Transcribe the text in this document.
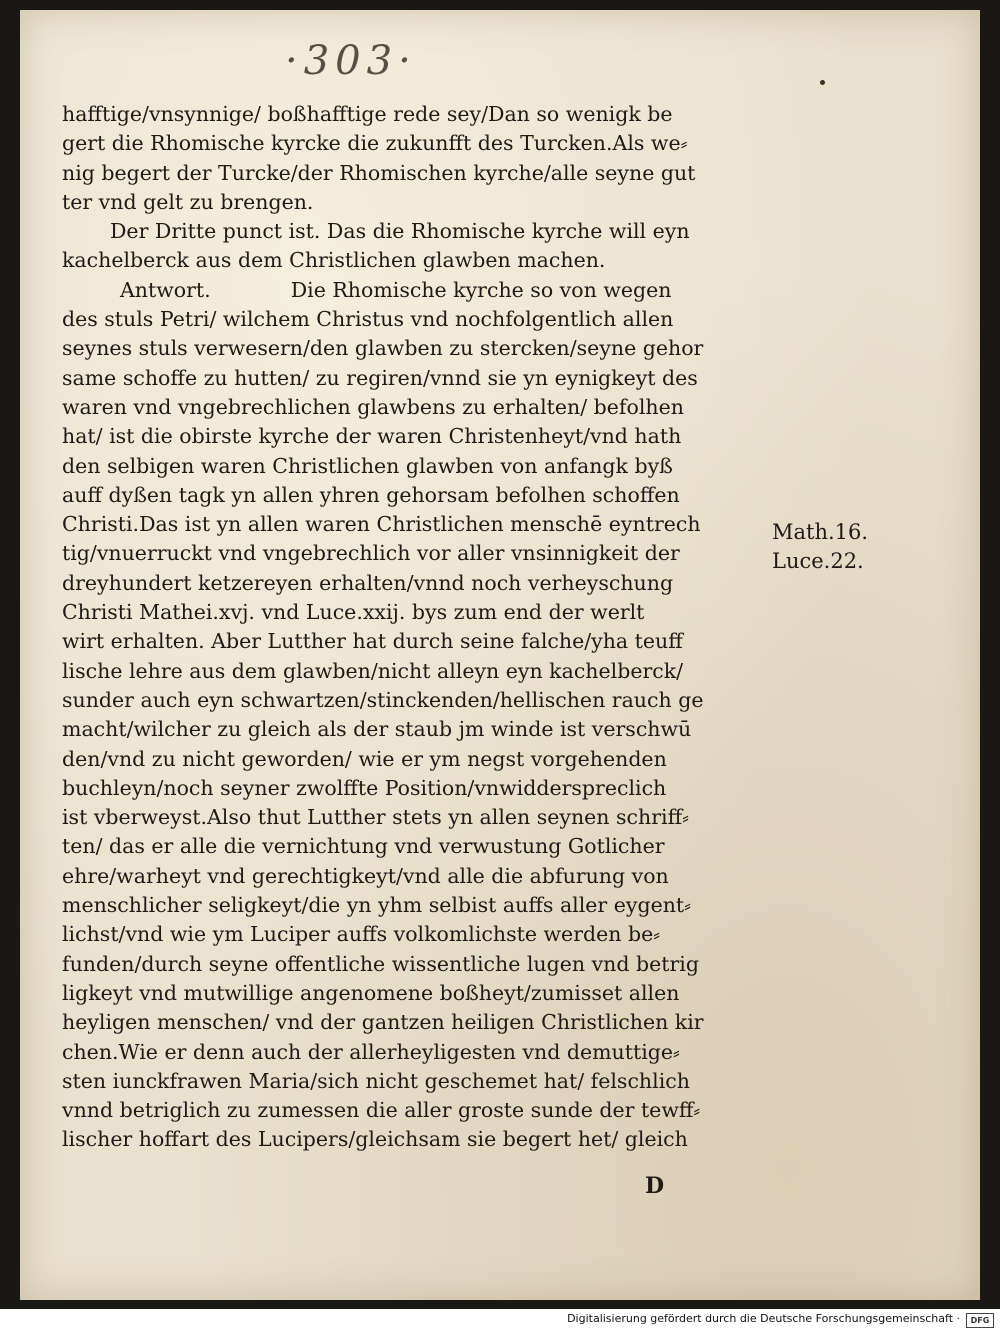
·303·
hafftige/vnsynnige/ boßhafftige rede sey/Dan so wenigk be
gert die Rhomische kyrcke die zukunfft des Turcken.Als we⸗
nig begert der Turcke/der Rhomischen kyrche/alle seyne gut
ter vnd gelt zu brengen.
Der Dritte punct ist. Das die Rhomische kyrche will eyn
kachelberck aus dem Christlichen glawben machen.
Antwort.	Die Rhomische kyrche so von wegen
des stuls Petri/ wilchem Christus vnd nochfolgentlich allen
seynes stuls verwesern/den glawben zu stercken/seyne gehor
same schoffe zu hutten/ zu regiren/vnnd sie yn eynigkeyt des
waren vnd vngebrechlichen glawbens zu erhalten/ befolhen
hat/ ist die obirste kyrche der waren Christenheyt/vnd hath
den selbigen waren Christlichen glawben von anfangk byß
auff dyßen tagk yn allen yhren gehorsam befolhen schoffen
Christi.Das ist yn allen waren Christlichen menschē eyntrech
tig/vnuerruckt vnd vngebrechlich vor aller vnsinnigkeit der
dreyhundert ketzereyen erhalten/vnnd noch verheyschung
Christi Mathei.xvj. vnd Luce.xxij. bys zum end der werlt
wirt erhalten. Aber Lutther hat durch seine falche/yha teuff
lische lehre aus dem glawben/nicht alleyn eyn kachelberck/
sunder auch eyn schwartzen/stinckenden/hellischen rauch ge
macht/wilcher zu gleich als der staub jm winde ist verschwū
den/vnd zu nicht geworden/ wie er ym negst vorgehenden
buchleyn/noch seyner zwolffte Position/vnwidderspreclich
ist vberweyst.Also thut Lutther stets yn allen seynen schriff⸗
ten/ das er alle die vernichtung vnd verwustung Gotlicher
ehre/warheyt vnd gerechtigkeyt/vnd alle die abfurung von
menschlicher seligkeyt/die yn yhm selbist auffs aller eygent⸗
lichst/vnd wie ym Luciper auffs volkomlichste werden be⸗
funden/durch seyne offentliche wissentliche lugen vnd betrig
ligkeyt vnd mutwillige angenomene boßheyt/zumisset allen
heyligen menschen/ vnd der gantzen heiligen Christlichen kir
chen.Wie er denn auch der allerheyligesten vnd demuttige⸗
sten iunckfrawen Maria/sich nicht geschemet hat/ felschlich
vnnd betriglich zu zumessen die aller groste sunde der tewff⸗
lischer hoffart des Lucipers/gleichsam sie begert het/ gleich
Math.16.
Luce.22.
D
Digitalisierung gefördert durch die Deutsche Forschungsgemeinschaft ·	DFG
